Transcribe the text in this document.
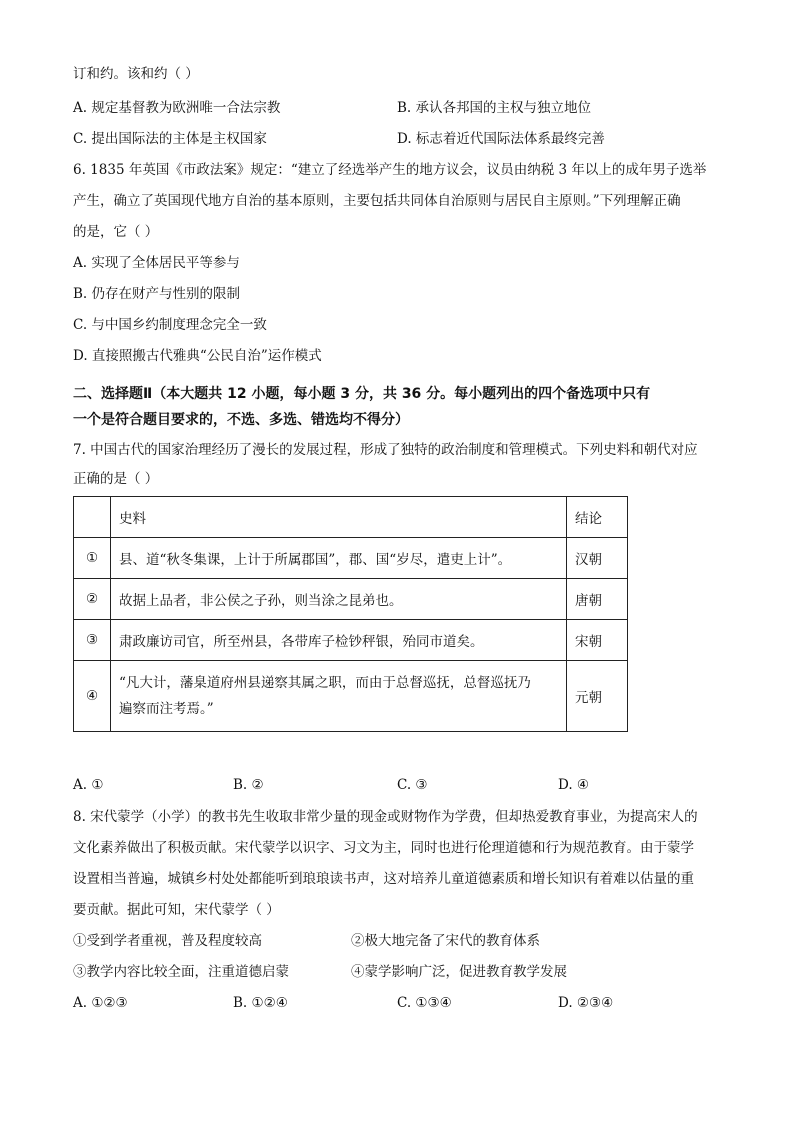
订和约。该和约（ ）
A. 规定基督教为欧洲唯一合法宗教	B. 承认各邦国的主权与独立地位
C. 提出国际法的主体是主权国家	D. 标志着近代国际法体系最终完善
6. 1835 年英国《市政法案》规定：“建立了经选举产生的地方议会，议员由纳税 3 年以上的成年男子选举
产生，确立了英国现代地方自治的基本原则，主要包括共同体自治原则与居民自主原则。”下列理解正确
的是，它（ ）
A. 实现了全体居民平等参与
B. 仍存在财产与性别的限制
C. 与中国乡约制度理念完全一致
D. 直接照搬古代雅典“公民自治”运作模式
二、选择题Ⅱ（本大题共 12 小题，每小题 3 分，共 36 分。每小题列出的四个备选项中只有
一个是符合题目要求的，不选、多选、错选均不得分）
7. 中国古代的国家治理经历了漫长的发展过程，形成了独特的政治制度和管理模式。下列史料和朝代对应
正确的是（ ）
	史料	结论
①	县、道“秋冬集课，上计于所属郡国”，郡、国“岁尽，遣吏上计”。	汉朝
②	故据上品者，非公侯之子孙，则当涂之昆弟也。	唐朝
③	肃政廉访司官，所至州县，各带库子检钞秤银，殆同市道矣。	宋朝
④	“凡大计，藩臬道府州县递察其属之职，而由于总督巡抚，总督巡抚乃
遍察而注考焉。”	元朝
A. ①	B. ②	C. ③	D. ④
8. 宋代蒙学（小学）的教书先生收取非常少量的现金或财物作为学费，但却热爱教育事业，为提高宋人的
文化素养做出了积极贡献。宋代蒙学以识字、习文为主，同时也进行伦理道德和行为规范教育。由于蒙学
设置相当普遍，城镇乡村处处都能听到琅琅读书声，这对培养儿童道德素质和增长知识有着难以估量的重
要贡献。据此可知，宋代蒙学（ ）
①受到学者重视，普及程度较高	②极大地完备了宋代的教育体系
③教学内容比较全面，注重道德启蒙	④蒙学影响广泛，促进教育教学发展
A. ①②③	B. ①②④	C. ①③④	D. ②③④
